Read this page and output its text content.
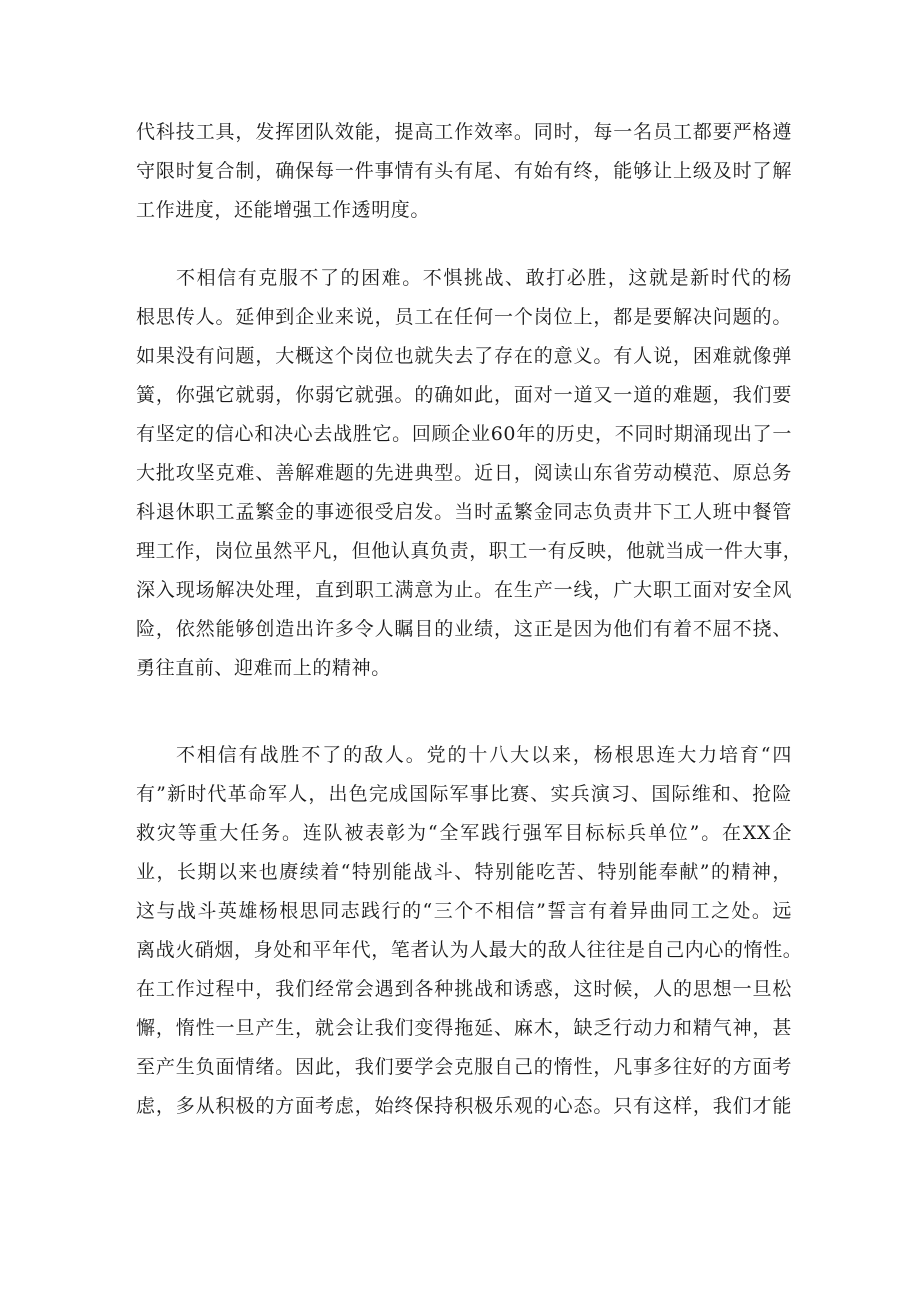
代科技工具，发挥团队效能，提高工作效率。同时，每一名员工都要严格遵
守限时复合制，确保每一件事情有头有尾、有始有终，能够让上级及时了解
工作进度，还能增强工作透明度。
不相信有克服不了的困难。不惧挑战、敢打必胜，这就是新时代的杨
根思传人。延伸到企业来说，员工在任何一个岗位上，都是要解决问题的。
如果没有问题，大概这个岗位也就失去了存在的意义。有人说，困难就像弹
簧，你强它就弱，你弱它就强。的确如此，面对一道又一道的难题，我们要
有坚定的信心和决心去战胜它。回顾企业60年的历史，不同时期涌现出了一
大批攻坚克难、善解难题的先进典型。近日，阅读山东省劳动模范、原总务
科退休职工孟繁金的事迹很受启发。当时孟繁金同志负责井下工人班中餐管
理工作，岗位虽然平凡，但他认真负责，职工一有反映，他就当成一件大事，
深入现场解决处理，直到职工满意为止。在生产一线，广大职工面对安全风
险，依然能够创造出许多令人瞩目的业绩，这正是因为他们有着不屈不挠、
勇往直前、迎难而上的精神。
不相信有战胜不了的敌人。党的十八大以来，杨根思连大力培育“四
有”新时代革命军人，出色完成国际军事比赛、实兵演习、国际维和、抢险
救灾等重大任务。连队被表彰为“全军践行强军目标标兵单位”。在XX企
业，长期以来也赓续着“特别能战斗、特别能吃苦、特别能奉献”的精神，
这与战斗英雄杨根思同志践行的“三个不相信”誓言有着异曲同工之处。远
离战火硝烟，身处和平年代，笔者认为人最大的敌人往往是自己内心的惰性。
在工作过程中，我们经常会遇到各种挑战和诱惑，这时候，人的思想一旦松
懈，惰性一旦产生，就会让我们变得拖延、麻木，缺乏行动力和精气神，甚
至产生负面情绪。因此，我们要学会克服自己的惰性，凡事多往好的方面考
虑，多从积极的方面考虑，始终保持积极乐观的心态。只有这样，我们才能
